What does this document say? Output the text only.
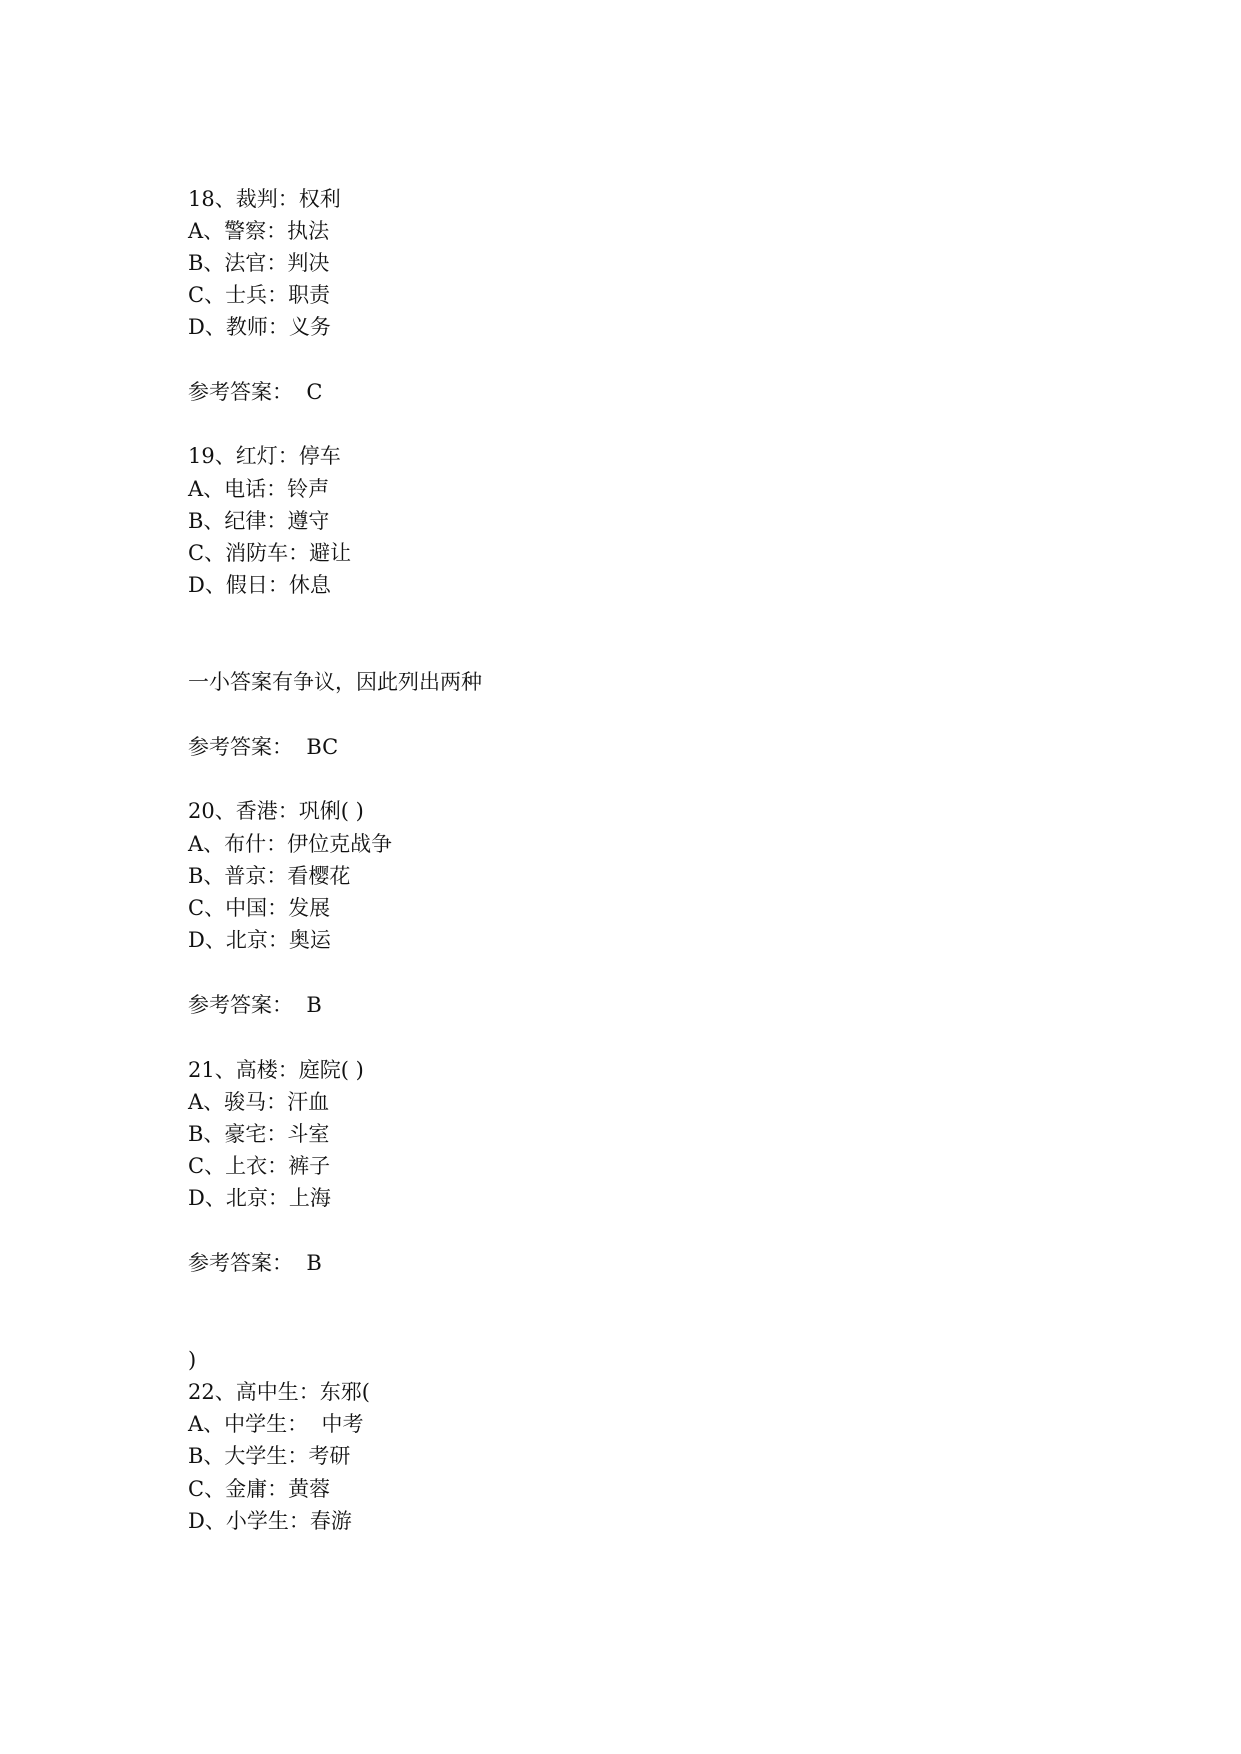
18、裁判：权利
A、警察：执法
B、法官：判决
C、士兵：职责
D、教师：义务
参考答案：  C
19、红灯：停车
A、电话：铃声
B、纪律：遵守
C、消防车：避让
D、假日：休息
一小答案有争议，因此列出两种
参考答案：  BC
20、香港：巩俐( )
A、布什：伊位克战争
B、普京：看樱花
C、中国：发展
D、北京：奥运
参考答案：  B
21、高楼：庭院( )
A、骏马：汗血
B、豪宅：斗室
C、上衣：裤子
D、北京：上海
参考答案：  B
)
22、高中生：东邪(
A、中学生：  中考
B、大学生：考研
C、金庸：黄蓉
D、小学生：春游
